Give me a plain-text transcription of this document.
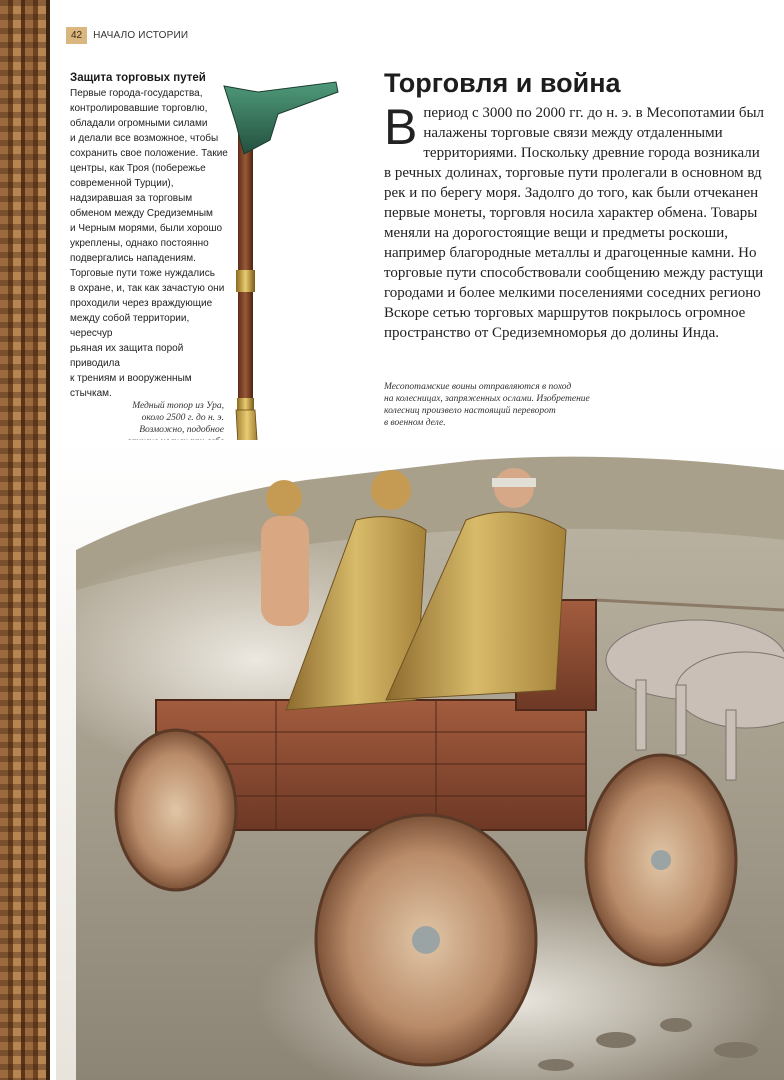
42	НАЧАЛО ИСТОРИИ
Защита торговых путей

Первые города-государства,
контролировавшие торговлю,
обладали огромными силами
и делали все возможное, чтобы
сохранить свое положение. Такие
центры, как Троя (побережье
современной Турции),
надзиравшая за торговым
обменом между Средиземным
и Черным морями, были хорошо
укреплены, однако постоянно
подвергались нападениям.
Торговые пути тоже нуждались
в охране, и, так как зачастую они
проходили через враждующие
между собой территории, чересчур
рьяная их защита порой приводила
к трениям и вооруженным
стычкам.

Медный топор из Ура,
около 2500 г. до н. э.
Возможно, подобное

Торговля и война
В период с 3000 по 2000 гг. до н. э. в Месопотамии был
налажены торговые связи между отдаленными
территориями. Поскольку древние города возникали
в речных долинах, торговые пути пролегали в основном вд
рек и по берегу моря. Задолго до того, как были отчеканен
первые монеты, торговля носила характер обмена. Товары
меняли на дорогостоящие вещи и предметы роскоши,
например благородные металлы и драгоценные камни. Но
торговые пути способствовали сообщению между растущи
городами и более мелкими поселениями соседних регионо
Вскоре сетью торговых маршрутов покрылось огромное
пространство от Средиземноморья до долины Инда.
Месопотамские воины отправляются в поход
на колесницах, запряженных ослами. Изобретение
колесниц произвело настоящий переворот
в военном деле.
